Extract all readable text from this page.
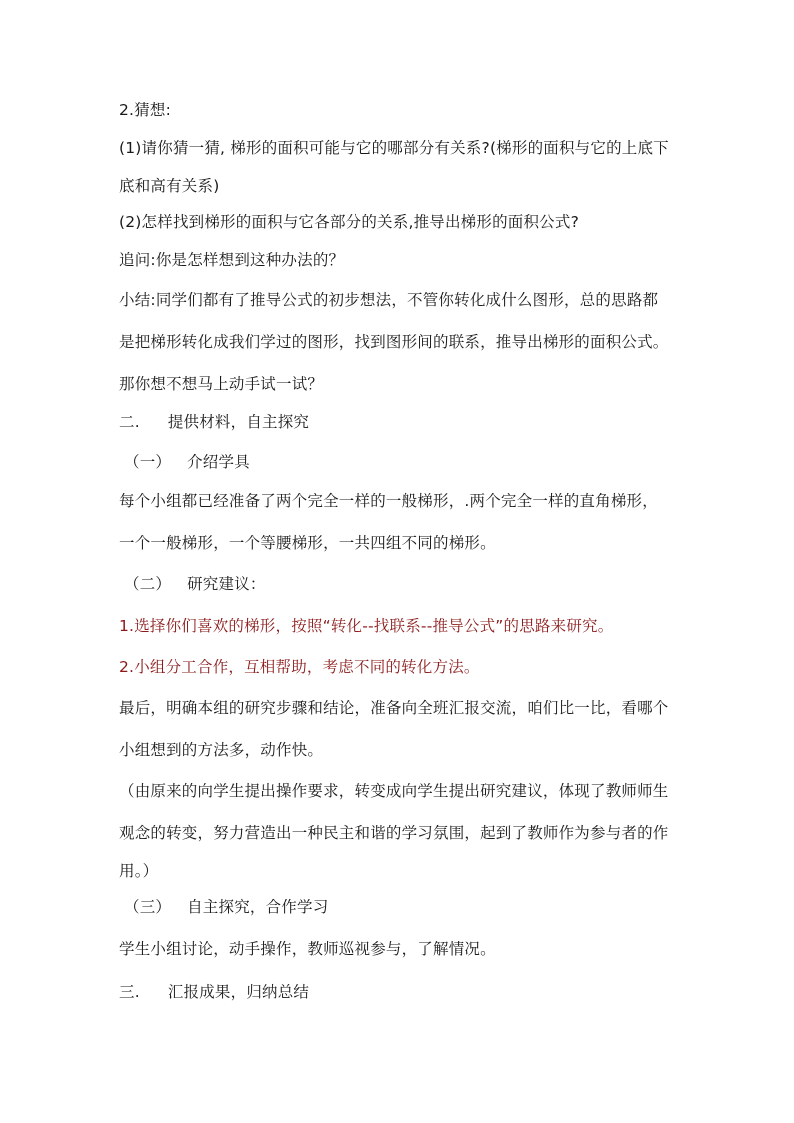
2.猜想:
(1)请你猜一猜, 梯形的面积可能与它的哪部分有关系?(梯形的面积与它的上底下
底和高有关系)
(2)怎样找到梯形的面积与它各部分的关系,推导出梯形的面积公式?
追问:你是怎样想到这种办法的？
小结:同学们都有了推导公式的初步想法，不管你转化成什么图形，总的思路都
是把梯形转化成我们学过的图形，找到图形间的联系，推导出梯形的面积公式。
那你想不想马上动手试一试？
二. 提供材料，自主探究
（一） 介绍学具
每个小组都已经准备了两个完全一样的一般梯形，.两个完全一样的直角梯形，
一个一般梯形，一个等腰梯形，一共四组不同的梯形。
（二） 研究建议：
1.选择你们喜欢的梯形，按照“转化--找联系--推导公式”的思路来研究。
2.小组分工合作，互相帮助，考虑不同的转化方法。
最后，明确本组的研究步骤和结论，准备向全班汇报交流，咱们比一比，看哪个
小组想到的方法多，动作快。
（由原来的向学生提出操作要求，转变成向学生提出研究建议，体现了教师师生
观念的转变，努力营造出一种民主和谐的学习氛围，起到了教师作为参与者的作
用。）
（三） 自主探究，合作学习
学生小组讨论，动手操作，教师巡视参与，了解情况。
三. 汇报成果，归纳总结
